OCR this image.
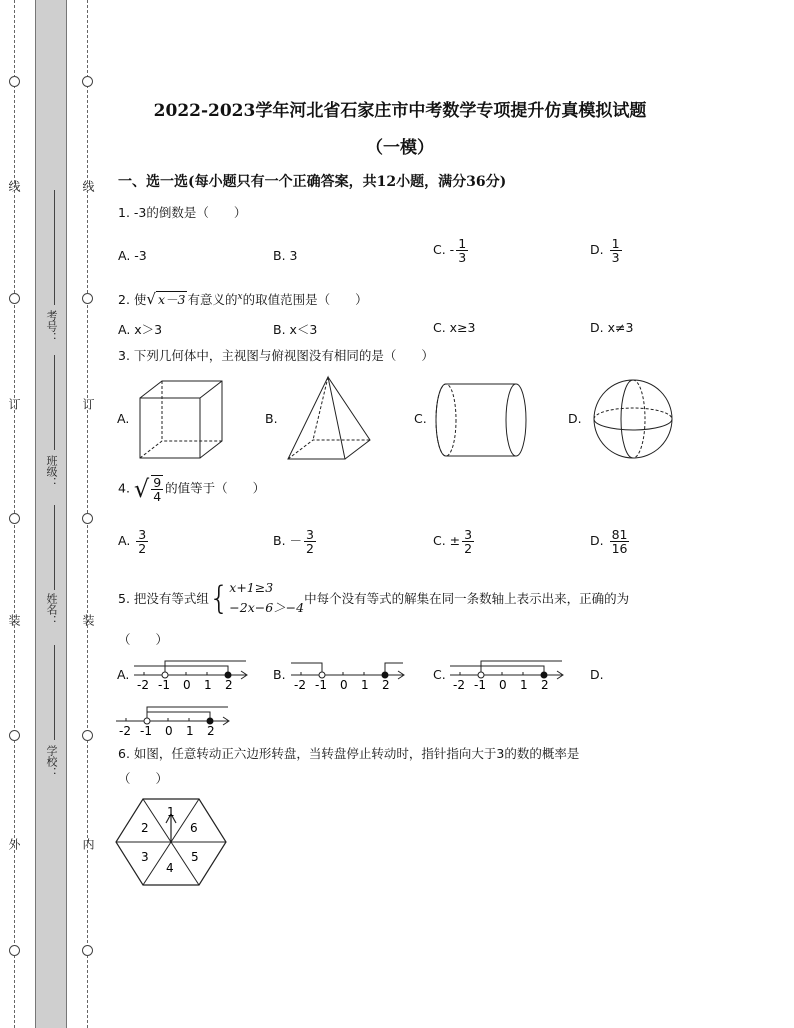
线
订
装
外
线
订
装
内
考号：
班级：
姓名：
学校：
2022-2023学年河北省石家庄市中考数学专项提升仿真模拟试题
（一模）
一、选一选(每小题只有一个正确答案，共12小题，满分36分)
1. -3的倒数是（　　）
A. -3	B. 3	C. - $\frac{1}{3}$	D. $\frac{1}{3}$
2. 使√ x－3 有意义的$^x$的取值范围是（　　）
A. x＞3	B. x＜3	C. x≥3	D. x≠3
3. 下列几何体中，主视图与俯视图没有相同的是（　　）
A.	B.	C.	D.
4. √ $\frac{9}{4}$ 的值等于（　　）
A. $\frac{3}{2}$	B. － $\frac{3}{2}$	C. ± $\frac{3}{2}$	D. $\frac{81}{16}$
5. 把没有等式组{ x+1≥3
−2x−6＞−4
中每个没有等式的解集在同一条数轴上表示出来，正确的为
（　　）
A.
-2 -1 0 1 2
B.
-2 -1 0 1 2
C.
-2 -1 0 1 2
D.
-2 -1 0 1 2
6. 如图，任意转动正六边形转盘，当转盘停止转动时，指针指向大于3的数的概率是
（　　）
1
6
5
4
3
2
